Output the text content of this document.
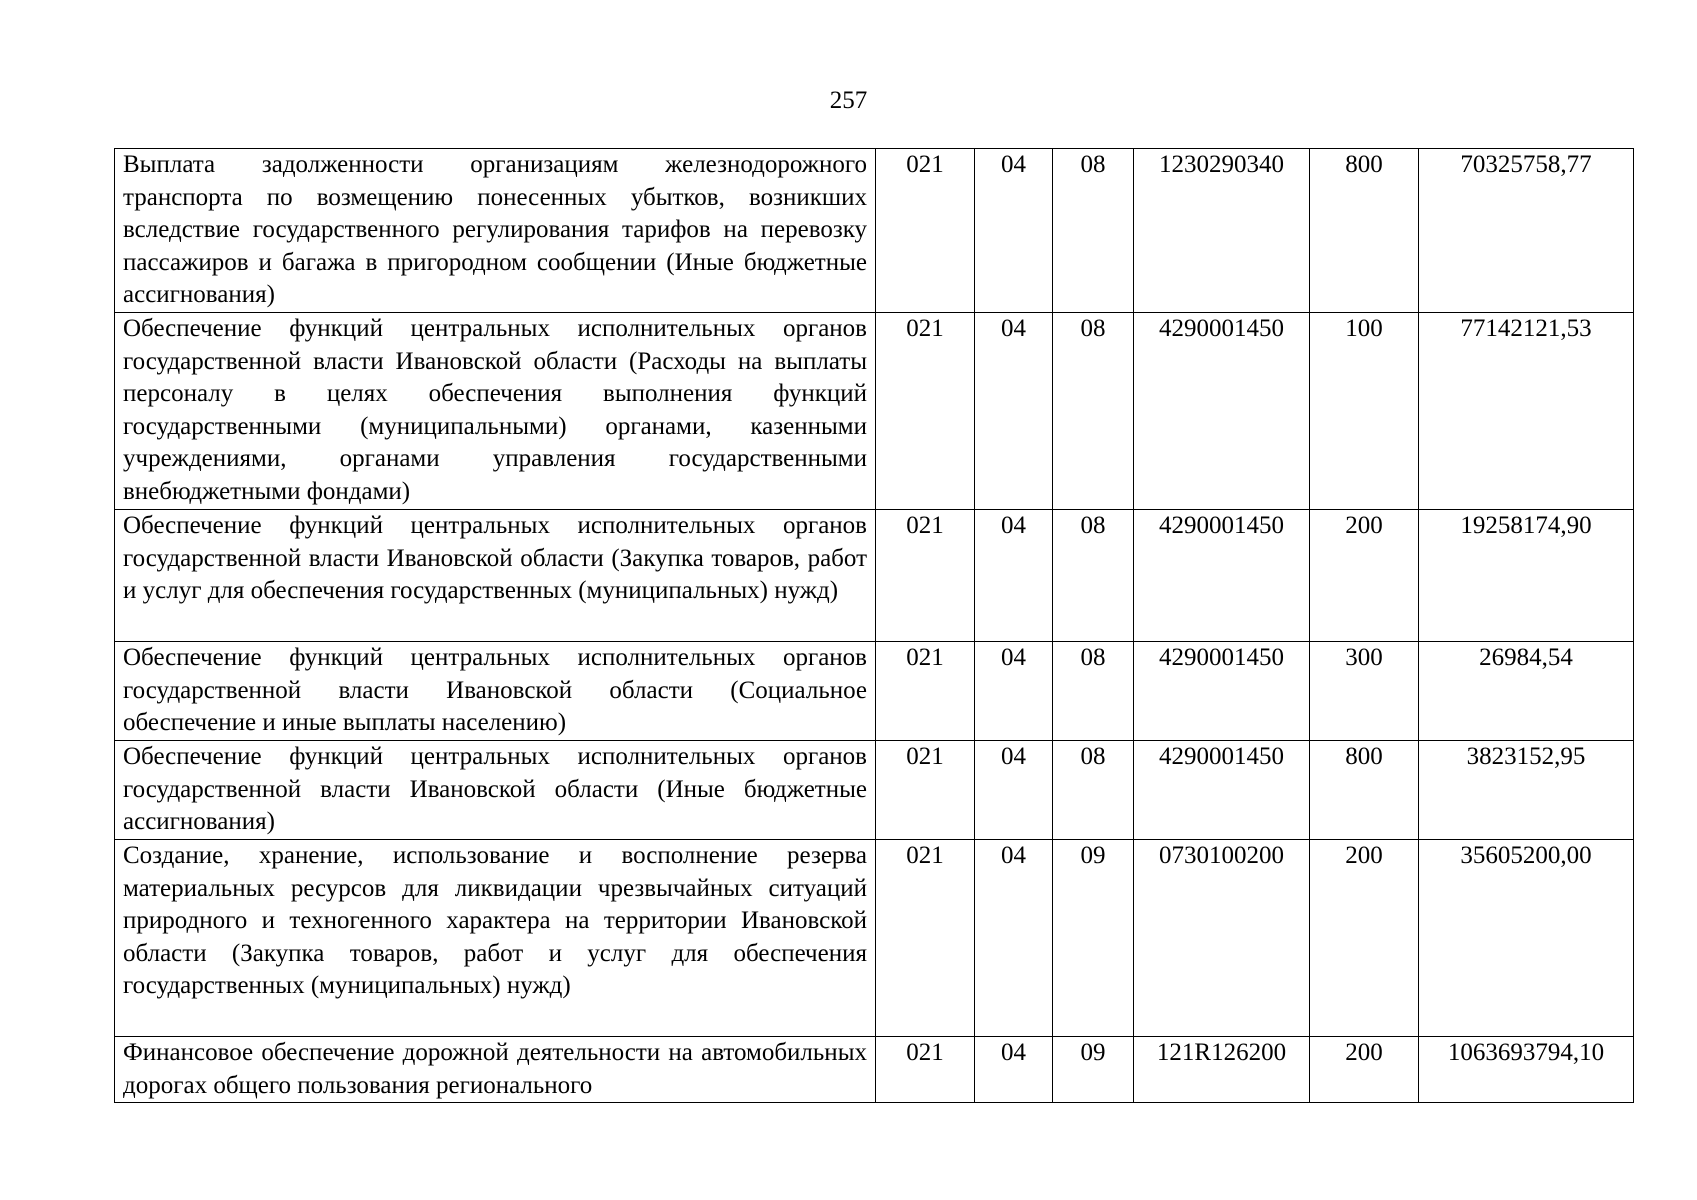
257
Выплата задолженности организациям железнодорожного транспорта по возмещению понесенных убытков, возникших вследствие государственного регулирования тарифов на перевозку пассажиров и багажа в пригородном сообщении (Иные бюджетные ассигнования)	021	04	08	1230290340	800	70325758,77
Обеспечение функций центральных исполнительных органов государственной власти Ивановской области (Расходы на выплаты персоналу в целях обеспечения выполнения функций государственными (муниципальными) органами, казенными учреждениями, органами управления государственными внебюджетными фондами)	021	04	08	4290001450	100	77142121,53
Обеспечение функций центральных исполнительных органов государственной власти Ивановской области (Закупка товаров, работ и услуг для обеспечения государственных (муниципальных) нужд)	021	04	08	4290001450	200	19258174,90
Обеспечение функций центральных исполнительных органов государственной власти Ивановской области (Социальное обеспечение и иные выплаты населению)	021	04	08	4290001450	300	26984,54
Обеспечение функций центральных исполнительных органов государственной власти Ивановской области (Иные бюджетные ассигнования)	021	04	08	4290001450	800	3823152,95
Создание, хранение, использование и восполнение резерва материальных ресурсов для ликвидации чрезвычайных ситуаций природного и техногенного характера на территории Ивановской области (Закупка товаров, работ и услуг для обеспечения государственных (муниципальных) нужд)	021	04	09	0730100200	200	35605200,00
Финансовое обеспечение дорожной деятельности на автомобильных дорогах общего пользования регионального	021	04	09	121R126200	200	1063693794,10
